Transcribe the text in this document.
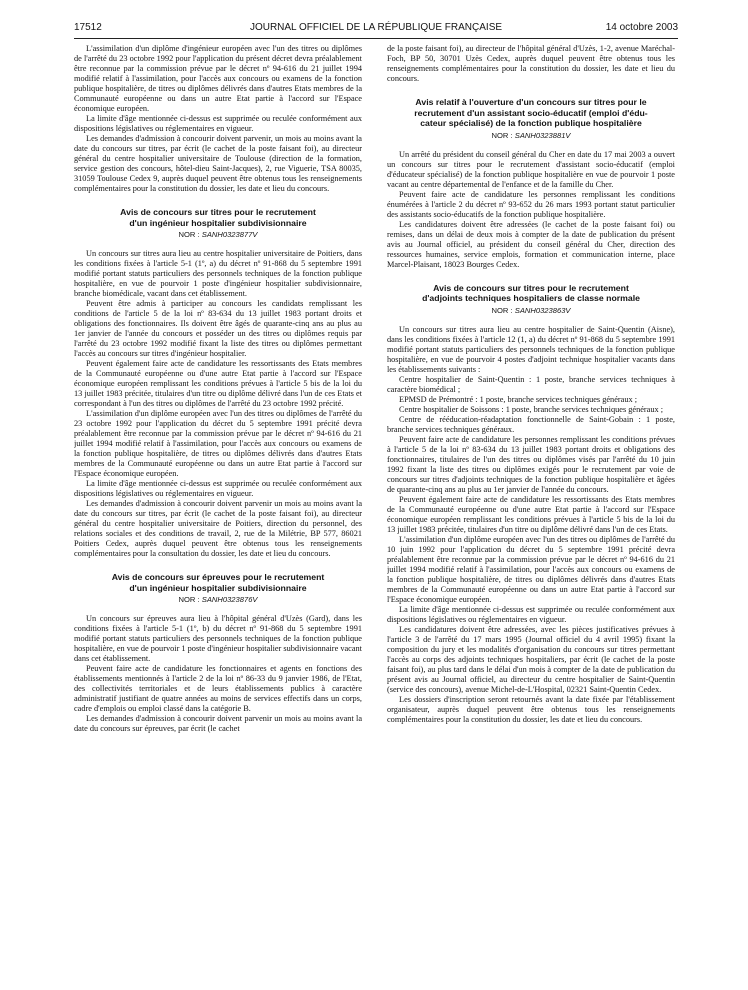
17512	JOURNAL OFFICIEL DE LA RÉPUBLIQUE FRANÇAISE	14 octobre 2003

L'assimilation d'un diplôme d'ingénieur européen avec l'un des titres ou diplômes de l'arrêté du 23 octobre 1992 pour l'application du présent décret devra préalablement être reconnue par la commission prévue par le décret nº 94-616 du 21 juillet 1994 modifié relatif à l'assimilation, pour l'accès aux concours ou examens de la fonction publique hospitalière, de titres ou diplômes délivrés dans d'autres Etats membres de la Communauté européenne ou dans un autre Etat partie à l'accord sur l'Espace économique européen.

La limite d'âge mentionnée ci-dessus est supprimée ou reculée conformément aux dispositions législatives ou réglementaires en vigueur.

Les demandes d'admission à concourir doivent parvenir, un mois au moins avant la date du concours sur titres, par écrit (le cachet de la poste faisant foi), au directeur général du centre hospitalier universitaire de Toulouse (direction de la formation, service gestion des concours, hôtel-dieu Saint-Jacques), 2, rue Viguerie, TSA 80035, 31059 Toulouse Cedex 9, auprès duquel peuvent être obtenus tous les renseignements complémentaires pour la constitution du dossier, les date et lieu du concours.

Avis de concours sur titres pour le recrutement
d'un ingénieur hospitalier subdivisionnaire
NOR : SANH0323877V

Un concours sur titres aura lieu au centre hospitalier universitaire de Poitiers, dans les conditions fixées à l'article 5-1 (1º, a) du décret nº 91-868 du 5 septembre 1991 modifié portant statuts particuliers des personnels techniques de la fonction publique hospitalière, en vue de pourvoir 1 poste d'ingénieur hospitalier subdivisionnaire, branche biomédicale, vacant dans cet établissement.

Peuvent être admis à participer au concours les candidats remplissant les conditions de l'article 5 de la loi nº 83-634 du 13 juillet 1983 portant droits et obligations des fonctionnaires. Ils doivent être âgés de quarante-cinq ans au plus au 1er janvier de l'année du concours et posséder un des titres ou diplômes requis par l'arrêté du 23 octobre 1992 modifié fixant la liste des titres ou diplômes permettant l'accès au concours sur titres d'ingénieur hospitalier.

Peuvent également faire acte de candidature les ressortissants des Etats membres de la Communauté européenne ou d'une autre Etat partie à l'accord sur l'Espace économique européen remplissant les conditions prévues à l'article 5 bis de la loi du 13 juillet 1983 précitée, titulaires d'un titre ou diplôme délivré dans l'un de ces Etats et correspondant à l'un des titres ou diplômes de l'arrêté du 23 octobre 1992 précité.

L'assimilation d'un diplôme européen avec l'un des titres ou diplômes de l'arrêté du 23 octobre 1992 pour l'application du décret du 5 septembre 1991 précité devra préalablement être reconnue par la commission prévue par le décret nº 94-616 du 21 juillet 1994 modifié relatif à l'assimilation, pour l'accès aux concours ou examens de la fonction publique hospitalière, de titres ou diplômes délivrés dans d'autres Etats membres de la Communauté européenne ou dans un autre Etat partie à l'accord sur l'Espace économique européen.

La limite d'âge mentionnée ci-dessus est supprimée ou reculée conformément aux dispositions législatives ou réglementaires en vigueur.

Les demandes d'admission à concourir doivent parvenir un mois au moins avant la date du concours sur titres, par écrit (le cachet de la poste faisant foi), au directeur général du centre hospitalier universitaire de Poitiers, direction du personnel, des relations sociales et des conditions de travail, 2, rue de la Milétrie, BP 577, 86021 Poitiers Cedex, auprès duquel peuvent être obtenus tous les renseignements complémentaires pour la consultation du dossier, les date et lieu du concours.

Avis de concours sur épreuves pour le recrutement
d'un ingénieur hospitalier subdivisionnaire
NOR : SANH0323876V

Un concours sur épreuves aura lieu à l'hôpital général d'Uzès (Gard), dans les conditions fixées à l'article 5-1 (1º, b) du décret nº 91-868 du 5 septembre 1991 modifié portant statuts particuliers des personnels techniques de la fonction publique hospitalière, en vue de pourvoir 1 poste d'ingénieur hospitalier subdivisionnaire vacant dans cet établissement.

Peuvent faire acte de candidature les fonctionnaires et agents en fonctions des établissements mentionnés à l'article 2 de la loi nº 86-33 du 9 janvier 1986, de l'Etat, des collectivités territoriales et de leurs établissements publics à caractère administratif justifiant de quatre années au moins de services effectifs dans un corps, cadre d'emplois ou emploi classé dans la catégorie B.

Les demandes d'admission à concourir doivent parvenir un mois au moins avant la date du concours sur épreuves, par écrit (le cachet

de la poste faisant foi), au directeur de l'hôpital général d'Uzès, 1-2, avenue Maréchal-Foch, BP 50, 30701 Uzès Cedex, auprès duquel peuvent être obtenus tous les renseignements complémentaires pour la constitution du dossier, les date et lieu du concours.

Avis relatif à l'ouverture d'un concours sur titres pour le
recrutement d'un assistant socio-éducatif (emploi d'édu-
cateur spécialisé) de la fonction publique hospitalière
NOR : SANH0323881V

Un arrêté du président du conseil général du Cher en date du 17 mai 2003 a ouvert un concours sur titres pour le recrutement d'assistant socio-éducatif (emploi d'éducateur spécialisé) de la fonction publique hospitalière en vue de pourvoir 1 poste vacant au centre départemental de l'enfance et de la famille du Cher.

Peuvent faire acte de candidature les personnes remplissant les conditions énumérées à l'article 2 du décret nº 93-652 du 26 mars 1993 portant statut particulier des assistants socio-éducatifs de la fonction publique hospitalière.

Les candidatures doivent être adressées (le cachet de la poste faisant foi) ou remises, dans un délai de deux mois à compter de la date de publication du présent avis au Journal officiel, au président du conseil général du Cher, direction des ressources humaines, service emplois, formation et communication interne, place Marcel-Plaisant, 18023 Bourges Cedex.

Avis de concours sur titres pour le recrutement
d'adjoints techniques hospitaliers de classe normale
NOR : SANH0323863V

Un concours sur titres aura lieu au centre hospitalier de Saint-Quentin (Aisne), dans les conditions fixées à l'article 12 (1, a) du décret nº 91-868 du 5 septembre 1991 modifié portant statuts particuliers des personnels techniques de la fonction publique hospitalière, en vue de pourvoir 4 postes d'adjoint technique hospitalier vacants dans les établissements suivants :

Centre hospitalier de Saint-Quentin : 1 poste, branche services techniques à caractère biomédical ;

EPMSD de Prémontré : 1 poste, branche services techniques généraux ;

Centre hospitalier de Soissons : 1 poste, branche services techniques généraux ;

Centre de rééducation-réadaptation fonctionnelle de Saint-Gobain : 1 poste, branche services techniques généraux.

Peuvent faire acte de candidature les personnes remplissant les conditions prévues à l'article 5 de la loi nº 83-634 du 13 juillet 1983 portant droits et obligations des fonctionnaires, titulaires de l'un des titres ou diplômes visés par l'arrêté du 10 juin 1992 fixant la liste des titres ou diplômes exigés pour le recrutement par voie de concours sur titres d'adjoints techniques de la fonction publique hospitalière et âgées de quarante-cinq ans au plus au 1er janvier de l'année du concours.

Peuvent également faire acte de candidature les ressortissants des Etats membres de la Communauté européenne ou d'une autre Etat partie à l'accord sur l'Espace économique européen remplissant les conditions prévues à l'article 5 bis de la loi du 13 juillet 1983 précitée, titulaires d'un titre ou diplôme délivré dans l'un de ces Etats.

L'assimilation d'un diplôme européen avec l'un des titres ou diplômes de l'arrêté du 10 juin 1992 pour l'application du décret du 5 septembre 1991 précité devra préalablement être reconnue par la commission prévue par le décret nº 94-616 du 21 juillet 1994 modifié relatif à l'assimilation, pour l'accès aux concours ou examens de la fonction publique hospitalière, de titres ou diplômes délivrés dans d'autres Etats membres de la Communauté européenne ou dans un autre Etat partie à l'accord sur l'Espace économique européen.

La limite d'âge mentionnée ci-dessus est supprimée ou reculée conformément aux dispositions législatives ou réglementaires en vigueur.

Les candidatures doivent être adressées, avec les pièces justificatives prévues à l'article 3 de l'arrêté du 17 mars 1995 (Journal officiel du 4 avril 1995) fixant la composition du jury et les modalités d'organisation du concours sur titres permettant l'accès au corps des adjoints techniques hospitaliers, par écrit (le cachet de la poste faisant foi), au plus tard dans le délai d'un mois à compter de la date de publication du présent avis au Journal officiel, au directeur du centre hospitalier de Saint-Quentin (service des concours), avenue Michel-de-L'Hospital, 02321 Saint-Quentin Cedex.

Les dossiers d'inscription seront retournés avant la date fixée par l'établissement organisateur, auprès duquel peuvent être obtenus tous les renseignements complémentaires pour la constitution du dossier, les date et lieu du concours.
